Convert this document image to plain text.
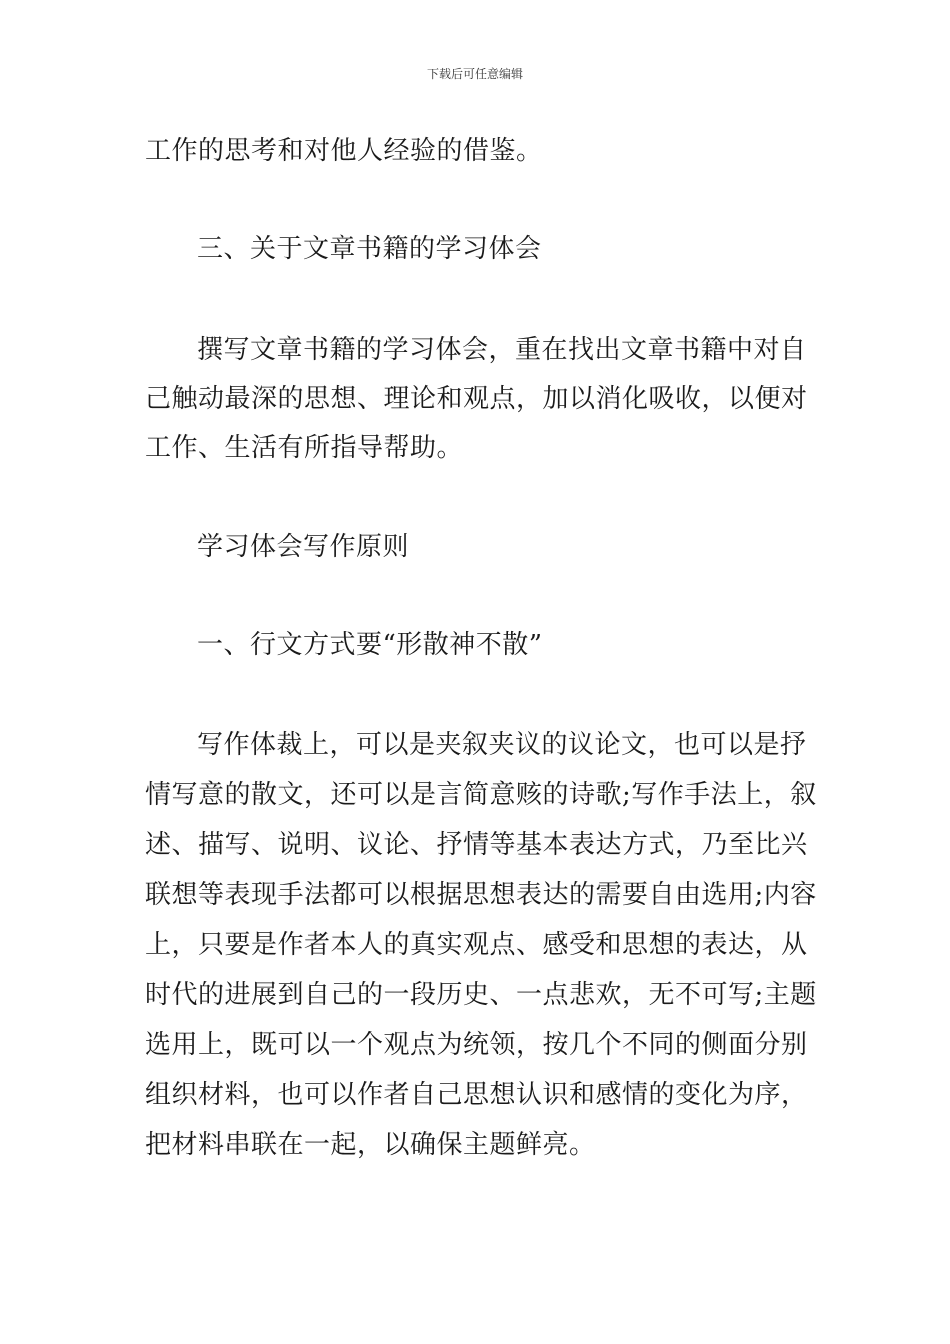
下载后可任意编辑
工作的思考和对他人经验的借鉴。
三、关于文章书籍的学习体会
撰写文章书籍的学习体会，重在找出文章书籍中对自
己触动最深的思想、理论和观点，加以消化吸收，以便对
工作、生活有所指导帮助。
学习体会写作原则
一、行文方式要“形散神不散”
写作体裁上，可以是夹叙夹议的议论文，也可以是抒
情写意的散文，还可以是言简意赅的诗歌;写作手法上，叙
述、描写、说明、议论、抒情等基本表达方式，乃至比兴
联想等表现手法都可以根据思想表达的需要自由选用;内容
上，只要是作者本人的真实观点、感受和思想的表达，从
时代的进展到自己的一段历史、一点悲欢，无不可写;主题
选用上，既可以一个观点为统领，按几个不同的侧面分别
组织材料，也可以作者自己思想认识和感情的变化为序，
把材料串联在一起，以确保主题鲜亮。
